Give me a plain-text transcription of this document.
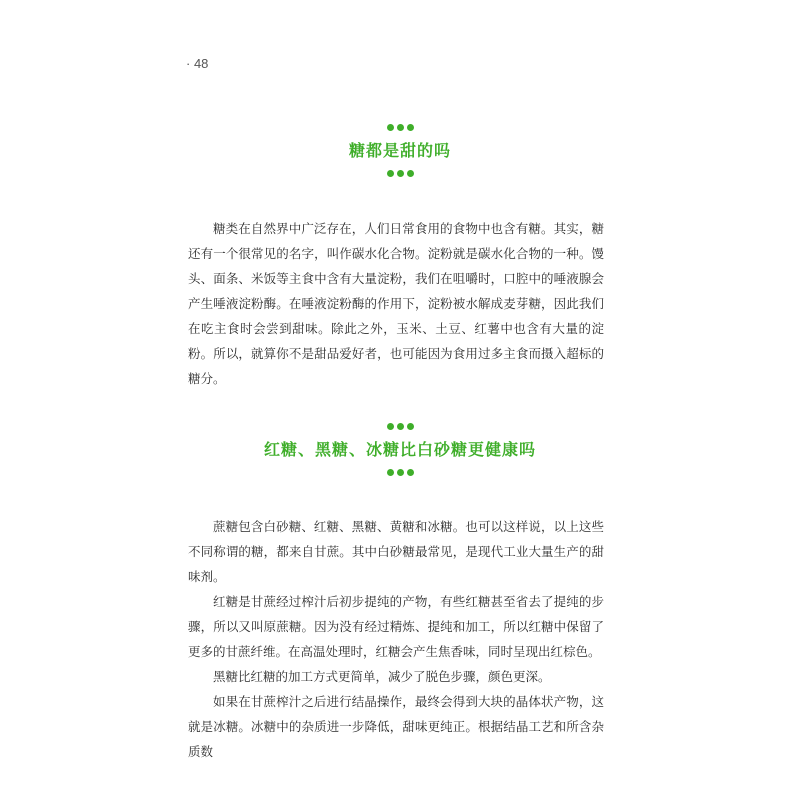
· 48
糖都是甜的吗

糖类在自然界中广泛存在，人们日常食用的食物中也含有糖。其实，糖还有一个很常见的名字，叫作碳水化合物。淀粉就是碳水化合物的一种。馒头、面条、米饭等主食中含有大量淀粉，我们在咀嚼时，口腔中的唾液腺会产生唾液淀粉酶。在唾液淀粉酶的作用下，淀粉被水解成麦芽糖，因此我们在吃主食时会尝到甜味。除此之外，玉米、土豆、红薯中也含有大量的淀粉。所以，就算你不是甜品爱好者，也可能因为食用过多主食而摄入超标的糖分。

红糖、黑糖、冰糖比白砂糖更健康吗

蔗糖包含白砂糖、红糖、黑糖、黄糖和冰糖。也可以这样说，以上这些不同称谓的糖，都来自甘蔗。其中白砂糖最常见，是现代工业大量生产的甜味剂。

红糖是甘蔗经过榨汁后初步提纯的产物，有些红糖甚至省去了提纯的步骤，所以又叫原蔗糖。因为没有经过精炼、提纯和加工，所以红糖中保留了更多的甘蔗纤维。在高温处理时，红糖会产生焦香味，同时呈现出红棕色。

黑糖比红糖的加工方式更简单，减少了脱色步骤，颜色更深。

如果在甘蔗榨汁之后进行结晶操作，最终会得到大块的晶体状产物，这就是冰糖。冰糖中的杂质进一步降低，甜味更纯正。根据结晶工艺和所含杂质数
